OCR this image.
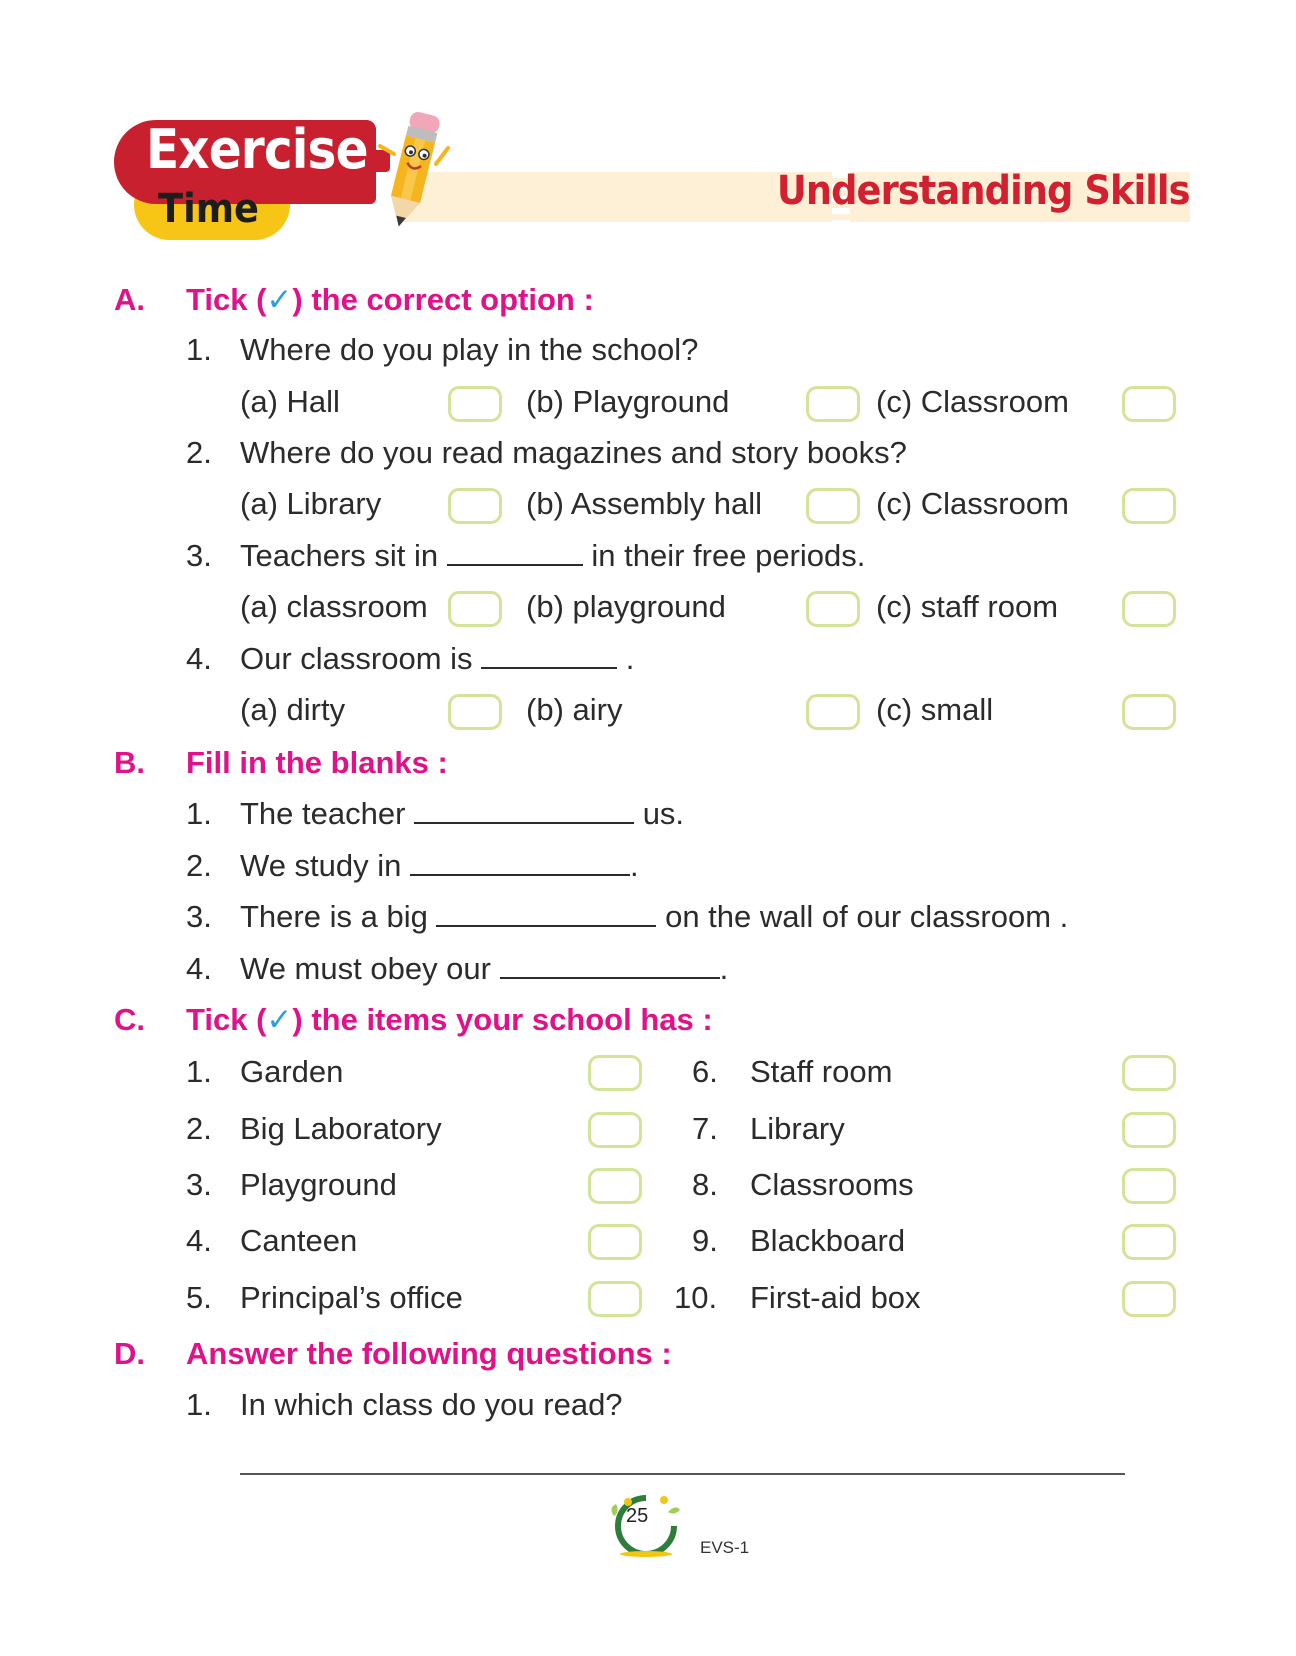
Understanding Skills
Exercise
Time
A. Tick (✓) the correct option :
1. Where do you play in the school?
(a) Hall	(b) Playground	(c) Classroom
2. Where do you read magazines and story books?
(a) Library	(b) Assembly hall	(c) Classroom
3. Teachers sit in	in their free periods.
(a) classroom	(b) playground	(c) staff room
4. Our classroom is	.
(a) dirty	(b) airy	(c) small
B. Fill in the blanks :
1. The teacher	us.
2. We study in	.
3. There is a big	on the wall of our classroom .
4. We must obey our	.
C. Tick (✓) the items your school has :
1. Garden
2. Big Laboratory
3. Playground
4. Canteen
5. Principal’s office
6. Staff room
7. Library
8. Classrooms
9. Blackboard
10. First-aid box
D. Answer the following questions :
1. In which class do you read?
25
EVS-1
